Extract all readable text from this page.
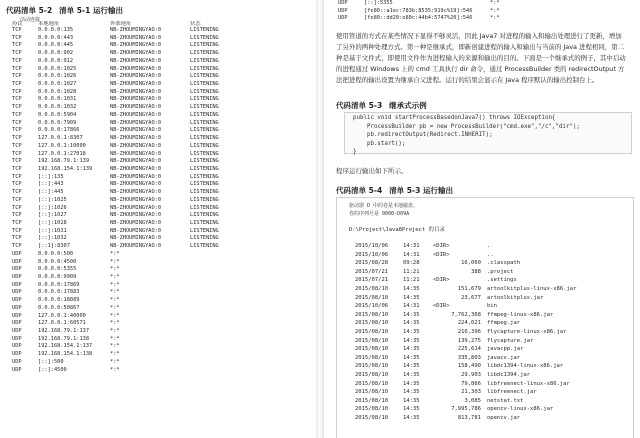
代码清单 5-2 清单 5-1 运行输出
活动连接
协议	本地地址	外部地址	状态
TCP	0.0.0.0:135	NB-ZHOUMINGYAO:0	LISTENING
TCP	0.0.0.0:443	NB-ZHOUMINGYAO:0	LISTENING
TCP	0.0.0.0:445	NB-ZHOUMINGYAO:0	LISTENING
TCP	0.0.0.0:902	NB-ZHOUMINGYAO:0	LISTENING
TCP	0.0.0.0:912	NB-ZHOUMINGYAO:0	LISTENING
TCP	0.0.0.0:1025	NB-ZHOUMINGYAO:0	LISTENING
TCP	0.0.0.0:1026	NB-ZHOUMINGYAO:0	LISTENING
TCP	0.0.0.0:1027	NB-ZHOUMINGYAO:0	LISTENING
TCP	0.0.0.0:1028	NB-ZHOUMINGYAO:0	LISTENING
TCP	0.0.0.0:1031	NB-ZHOUMINGYAO:0	LISTENING
TCP	0.0.0.0:1032	NB-ZHOUMINGYAO:0	LISTENING
TCP	0.0.0.0:5904	NB-ZHOUMINGYAO:0	LISTENING
TCP	0.0.0.0:7909	NB-ZHOUMINGYAO:0	LISTENING
TCP	0.0.0.0:17866	NB-ZHOUMINGYAO:0	LISTENING
TCP	127.0.0.1:8307	NB-ZHOUMINGYAO:0	LISTENING
TCP	127.0.0.1:10000	NB-ZHOUMINGYAO:0	LISTENING
TCP	127.0.0.1:27018	NB-ZHOUMINGYAO:0	LISTENING
TCP	192.168.79.1:139	NB-ZHOUMINGYAO:0	LISTENING
TCP	192.168.154.1:139	NB-ZHOUMINGYAO:0	LISTENING
TCP	[::]:135	NB-ZHOUMINGYAO:0	LISTENING
TCP	[::]:443	NB-ZHOUMINGYAO:0	LISTENING
TCP	[::]:445	NB-ZHOUMINGYAO:0	LISTENING
TCP	[::]:1025	NB-ZHOUMINGYAO:0	LISTENING
TCP	[::]:1026	NB-ZHOUMINGYAO:0	LISTENING
TCP	[::]:1027	NB-ZHOUMINGYAO:0	LISTENING
TCP	[::]:1028	NB-ZHOUMINGYAO:0	LISTENING
TCP	[::]:1031	NB-ZHOUMINGYAO:0	LISTENING
TCP	[::]:1032	NB-ZHOUMINGYAO:0	LISTENING
TCP	[::1]:8307	NB-ZHOUMINGYAO:0	LISTENING
UDP	0.0.0.0:500	*:*
UDP	0.0.0.0:4500	*:*
UDP	0.0.0.0:5355	*:*
UDP	0.0.0.0:9909	*:*
UDP	0.0.0.0:17869	*:*
UDP	0.0.0.0:17883	*:*
UDP	0.0.0.0:18889	*:*
UDP	0.0.0.0:50867	*:*
UDP	127.0.0.1:40000	*:*
UDP	127.0.0.1:60571	*:*
UDP	192.168.79.1:137	*:*
UDP	192.168.79.1:138	*:*
UDP	192.168.154.1:137	*:*
UDP	192.168.154.1:138	*:*
UDP	[::]:500	*:*
UDP	[::]:4500	*:*
UDP	[::]:5355	*:*
UDP	[fe80::a1ec:783b:8535:919c%19]:546	*:*
UDP	[fe80::dd20:e80c:44b4:5747%20]:546	*:*
使用管道的方式在某些情况下显得不够灵活，因此 Java7 对进程的输入和输出处理进行了更新，增加了另外的两种处理方式。第一种是继承式，即新创建进程的输入和输出与当前的 Java 进程相同，第二种是基于文件式，即使用文件作为进程输入的来源和输出的目的。下面是一个继承式的例子，其中启动的进程通过 Windows 上的 cmd 工具执行 dir 命令，通过 ProcessBuilder 类的 redirectOutput 方法把进程的输出设置为继承自父进程。运行的结果会显示在 Java 程序默认的输出控制台上。
代码清单 5-3 继承式示例
public void startProcessBasedonJava7() throws IOException{
ProcessBuilder pb = new ProcessBuilder("cmd.exe","/c","dir");
pb.redirectOutput(Redirect.INHERIT);
pb.start();
}
程序运行输出如下所示。
代码清单 5-4 清单 5-3 运行输出
驱动器 D 中的卷是本地磁盘。
卷的序列号是 0000-D09A
D:\Project\Java8Project 的目录
2015/10/06	14:31 <DIR>	.
2015/10/06	14:31 <DIR>	..
2015/08/28	09:28	16,060 .classpath
2015/07/21	11:21	388 .project
2015/07/21	11:21 <DIR>	.settings
2015/08/10	14:35	151,679 artoolkitplus-linux-x86.jar
2015/08/10	14:35	23,677 artoolkitplus.jar
2015/10/06	14:31 <DIR>	bin
2015/08/10	14:35	7,762,368 ffmpeg-linux-x86.jar
2015/08/10	14:35	224,021 ffmpeg.jar
2015/08/10	14:35	216,396 flycapture-linux-x86.jar
2015/08/10	14:35	139,275 flycapture.jar
2015/08/10	14:35	225,614 javacpp.jar
2015/08/10	14:35	335,803 javacv.jar
2015/08/10	14:35	158,490 libdc1394-linux-x86.jar
2015/08/10	14:35	29,903 libdc1394.jar
2015/08/10	14:35	79,866 libfreenect-linux-x86.jar
2015/08/10	14:35	21,303 libfreenect.jar
2015/08/10	14:35	3,085 netstat.txt
2015/08/10	14:35	7,995,786 opencv-linux-x86.jar
2015/08/10	14:35	813,781 opencv.jar
